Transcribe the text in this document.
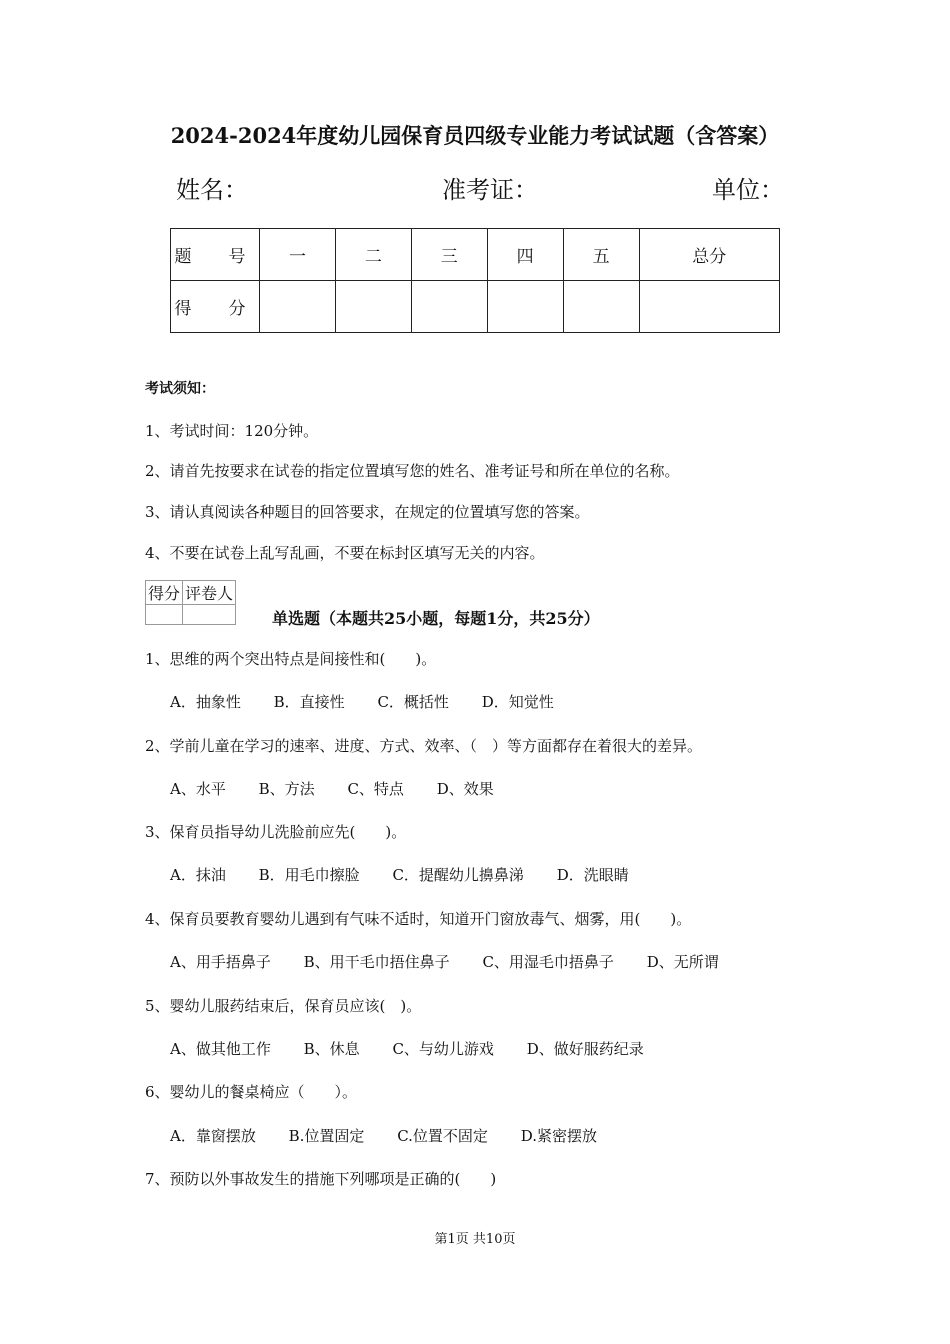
2024-2024年度幼儿园保育员四级专业能力考试试题（含答案）
姓名：	准考证：	单位：
题　号	一	二	三	四	五	总分
得　分						
考试须知：
1、考试时间：120分钟。
2、请首先按要求在试卷的指定位置填写您的姓名、准考证号和所在单位的名称。
3、请认真阅读各种题目的回答要求，在规定的位置填写您的答案。
4、不要在试卷上乱写乱画，不要在标封区填写无关的内容。
得分	评卷人

单选题（本题共25小题，每题1分，共25分）
1、思维的两个突出特点是间接性和(　　)。
A．抽象性 B．直接性 C．概括性 D．知觉性
2、学前儿童在学习的速率、进度、方式、效率、（　）等方面都存在着很大的差异。
A、水平 B、方法 C、特点 D、效果
3、保育员指导幼儿洗脸前应先(　　)。
A．抹油 B．用毛巾擦脸 C．提醒幼儿擤鼻涕 D．洗眼睛
4、保育员要教育婴幼儿遇到有气味不适时，知道开门窗放毒气、烟雾，用(　　)。
A、用手捂鼻子 B、用干毛巾捂住鼻子 C、用湿毛巾捂鼻子 D、无所谓
5、婴幼儿服药结束后，保育员应该(　)。
A、做其他工作 B、休息 C、与幼儿游戏 D、做好服药纪录
6、婴幼儿的餐桌椅应（　　）。
A．靠窗摆放 B.位置固定 C.位置不固定 D.紧密摆放
7、预防以外事故发生的措施下列哪项是正确的(　　)
第1页 共10页
